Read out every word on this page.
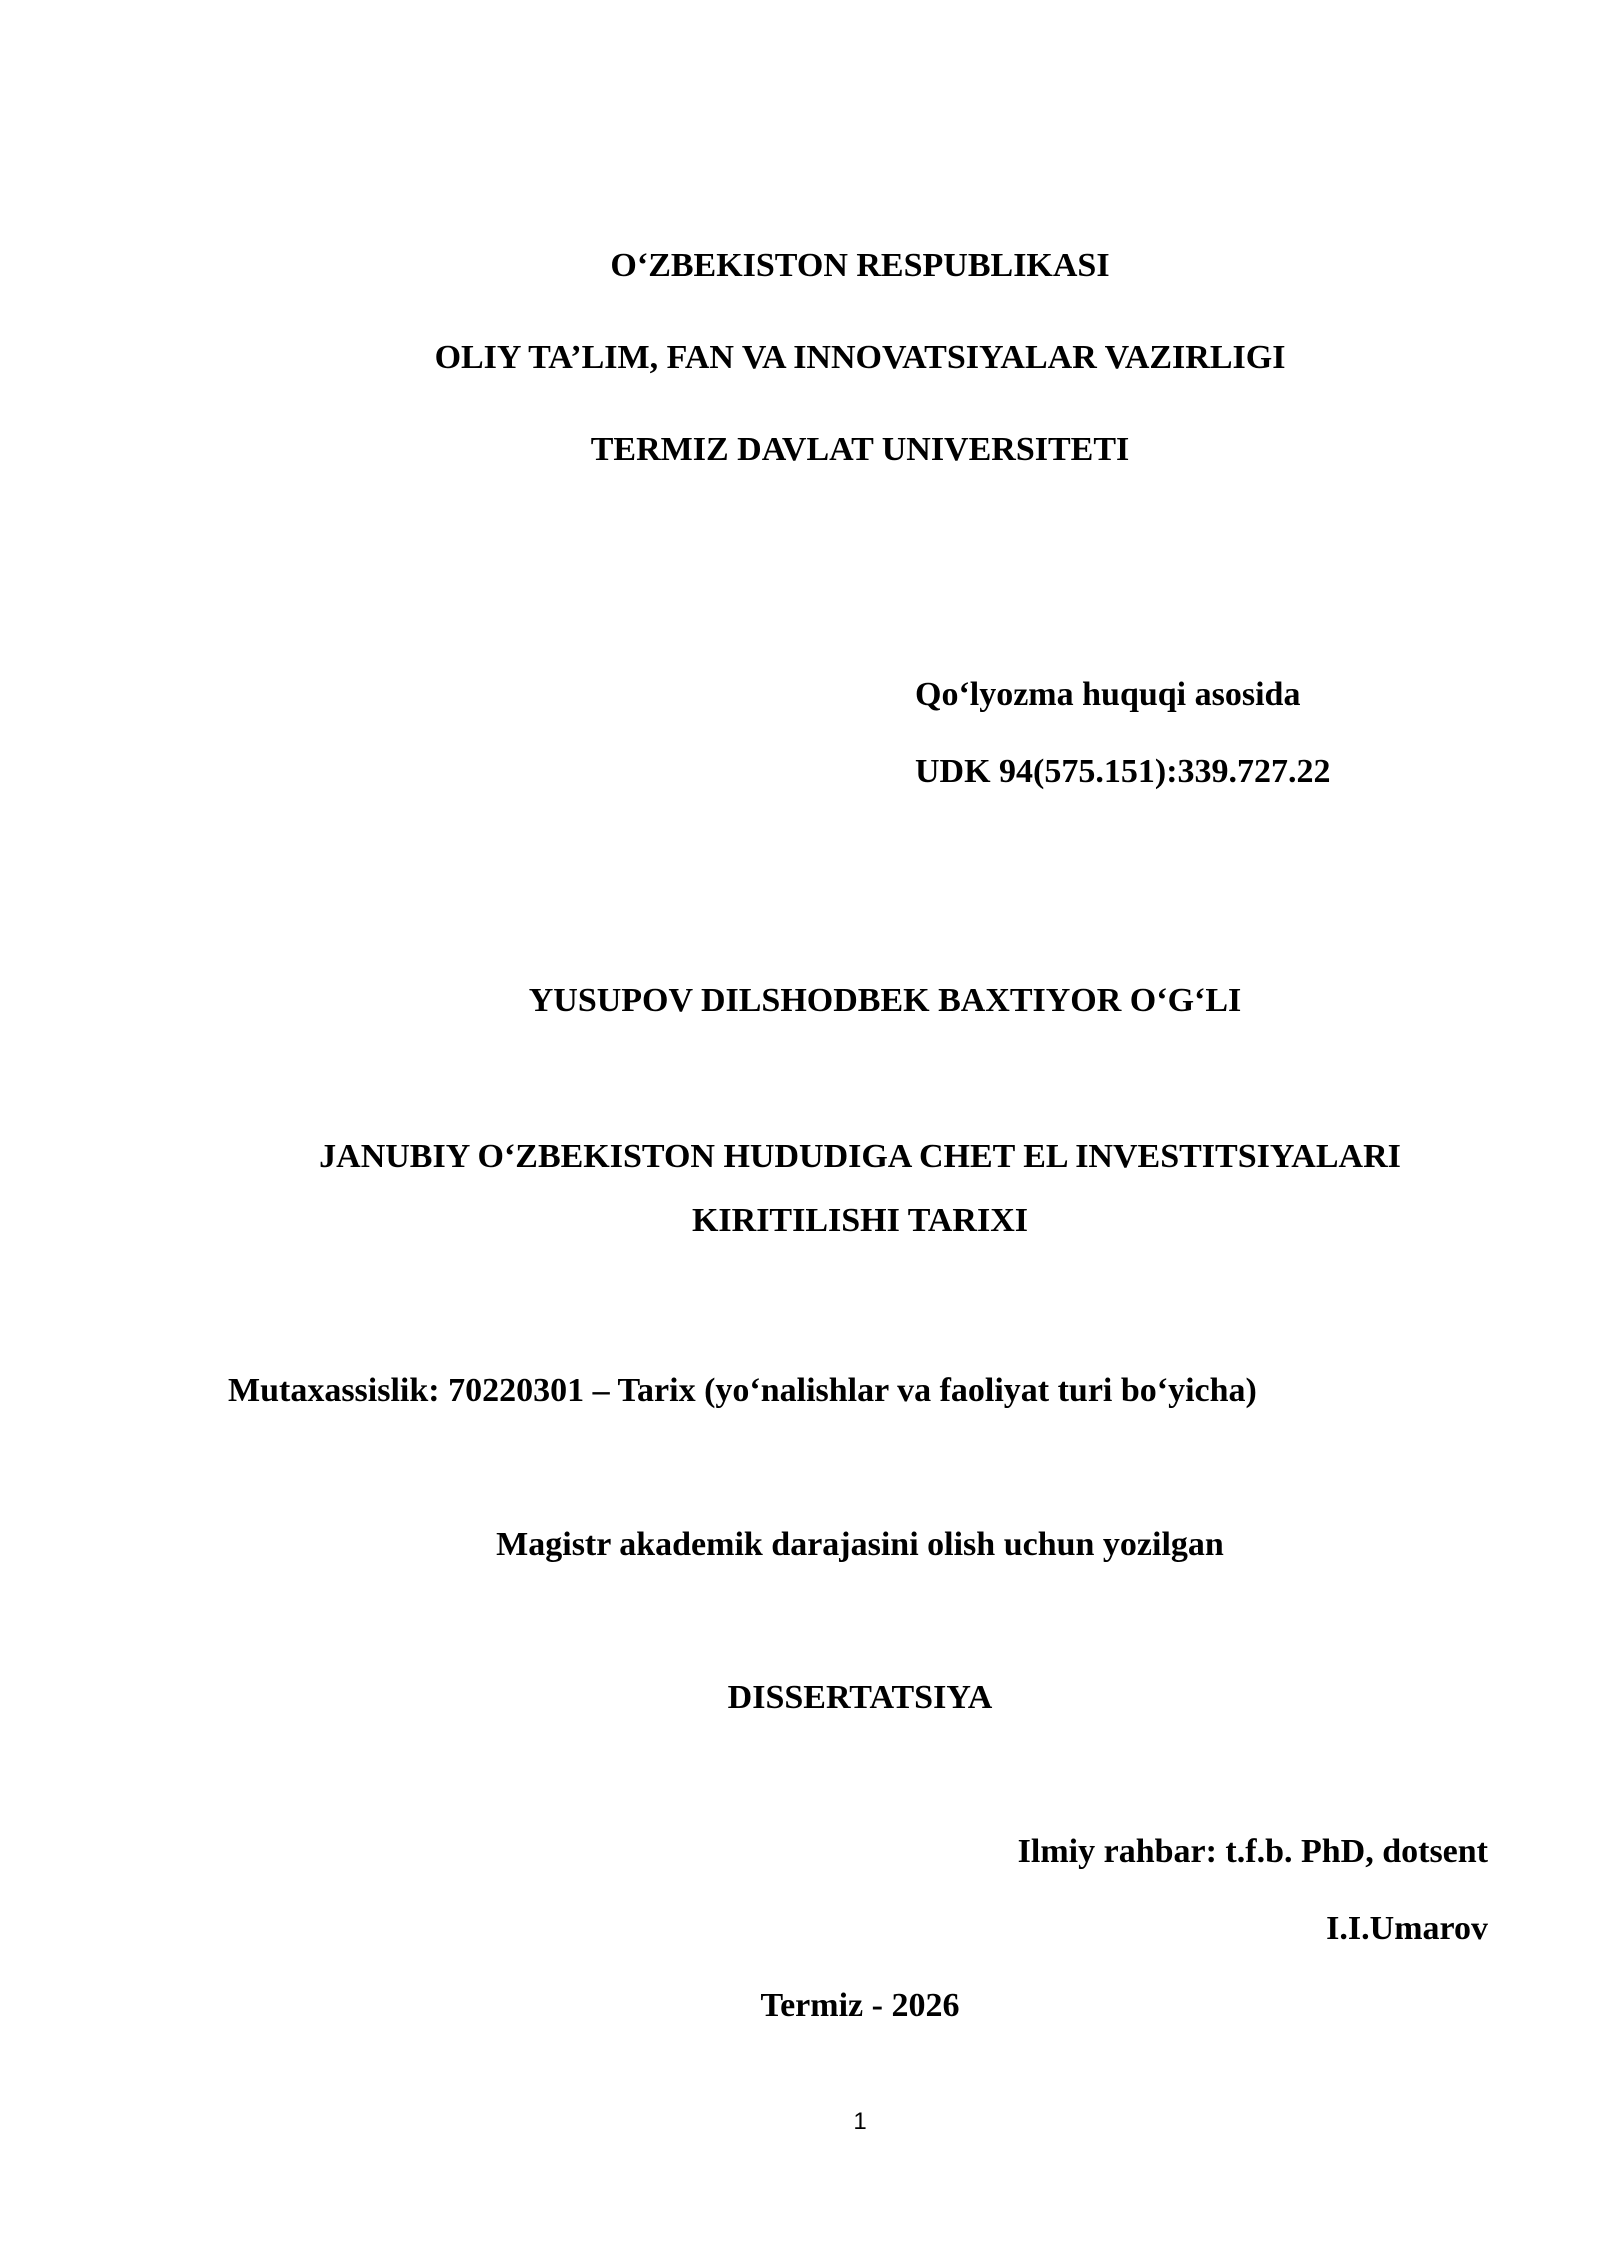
O‘ZBEKISTON RESPUBLIKASI
OLIY TA’LIM, FAN VA INNOVATSIYALAR VAZIRLIGI
TERMIZ DAVLAT UNIVERSITETI
Qo‘lyozma huquqi asosida
UDK 94(575.151):339.727.22
YUSUPOV DILSHODBEK BAXTIYOR O‘G‘LI
JANUBIY O‘ZBEKISTON HUDUDIGA CHET EL INVESTITSIYALARI
KIRITILISHI TARIXI
Mutaxassislik: 70220301 – Tarix (yo‘nalishlar va faoliyat turi bo‘yicha)
Magistr akademik darajasini olish uchun yozilgan
DISSERTATSIYA
Ilmiy rahbar: t.f.b. PhD, dotsent
I.I.Umarov
Termiz - 2026
1
